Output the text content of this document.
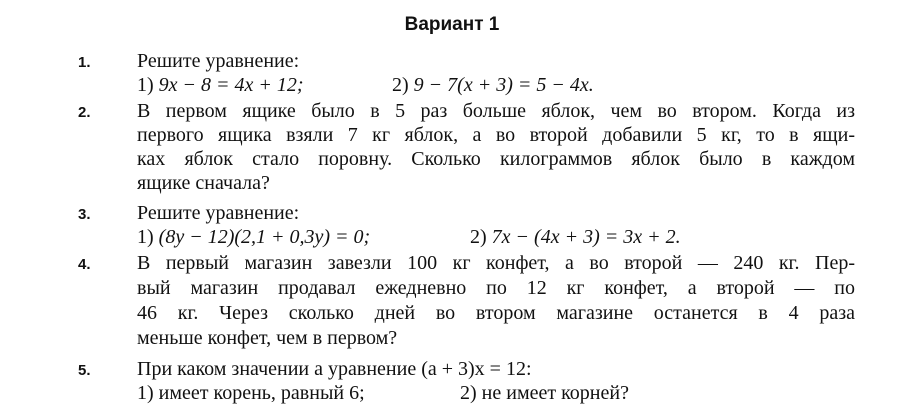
Вариант 1
1. Решите уравнение:
1) 9x − 8 = 4x + 12;	2) 9 − 7(x + 3) = 5 − 4x.
2. В первом ящике было в 5 раз больше яблок, чем во втором. Когда из
первого ящика взяли 7 кг яблок, а во второй добавили 5 кг, то в ящи-
ках яблок стало поровну. Сколько килограммов яблок было в каждом
ящике сначала?
3. Решите уравнение:
1) (8y − 12)(2,1 + 0,3y) = 0;	2) 7x − (4x + 3) = 3x + 2.
4. В первый магазин завезли 100 кг конфет, а во второй — 240 кг. Пер-
вый магазин продавал ежедневно по 12 кг конфет, а второй — по
46 кг. Через сколько дней во втором магазине останется в 4 раза
меньше конфет, чем в первом?
5. При каком значении a уравнение (a + 3)x = 12:
1) имеет корень, равный 6;	2) не имеет корней?
